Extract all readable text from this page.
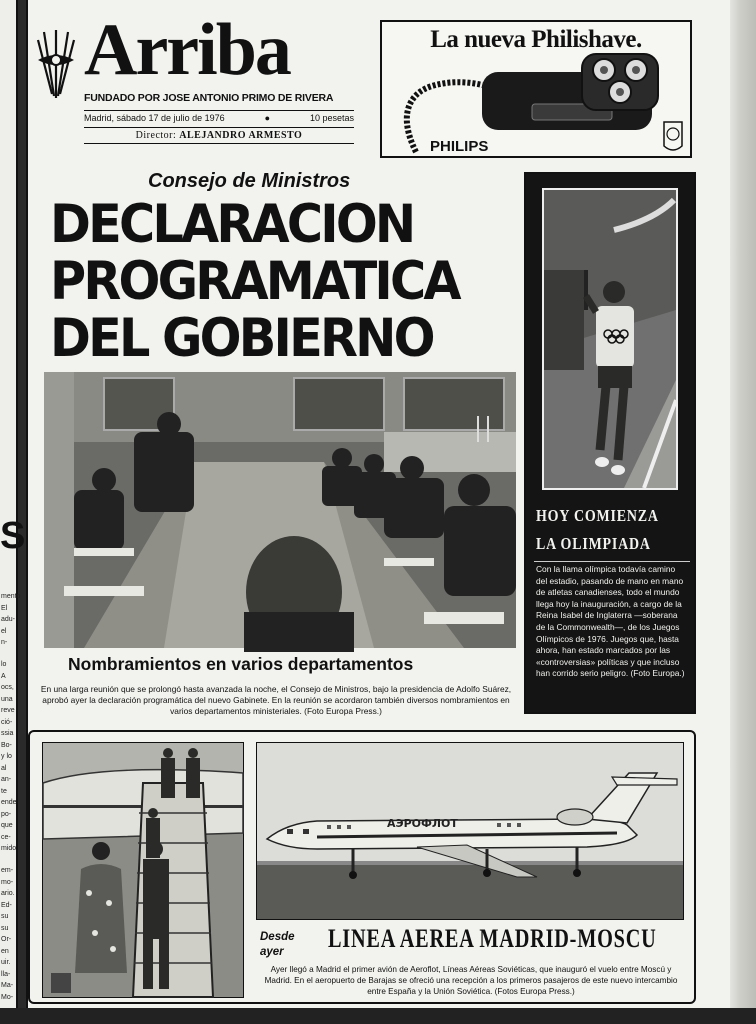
S
mento
El
adu-
el
n-
lo
A
ocs,
una
reve
ció-
ssia
Bo-
y lo
al
an-
te
ende
po-
que
ce-
mido
em-
mo-
ario.
Ed-
su
su
Or-
en
uir.
lla-
Ma-
Mo-
Arriba
FUNDADO POR JOSE ANTONIO PRIMO DE RIVERA
Madrid, sábado 17 de julio de 1976	●	10 pesetas
Director: ALEJANDRO ARMESTO
La nueva Philishave.
PHILIPS
Consejo de Ministros
DECLARACION
PROGRAMATICA
DEL GOBIERNO
HOY COMIENZA
LA OLIMPIADA
Con la llama olímpica todavía camino del estadio, pasando de mano en mano de atletas canadienses, todo el mundo llega hoy la inauguración, a cargo de la Reina Isabel de Inglaterra —soberana de la Commonwealth—, de los Juegos Olímpicos de 1976. Juegos que, hasta ahora, han estado marcados por las «controversias» políticas y que incluso han corrido serio peligro. (Foto Europa.)
Nombramientos en varios departamentos
En una larga reunión que se prolongó hasta avanzada la noche, el Consejo de Ministros, bajo la presidencia de Adolfo Suárez, aprobó ayer la declaración programática del nuevo Gabinete. En la reunión se acordaron también diversos nombramientos en varios departamentos ministeriales. (Foto Europa Press.)
АЭРОФЛОТ
Desde
ayer	LINEA AEREA MADRID-MOSCU
Ayer llegó a Madrid el primer avión de Aeroflot, Líneas Aéreas Soviéticas, que inauguró el vuelo entre Moscú y Madrid. En el aeropuerto de Barajas se ofreció una recepción a los primeros pasajeros de este nuevo intercambio entre España y la Unión Soviética. (Fotos Europa Press.)
